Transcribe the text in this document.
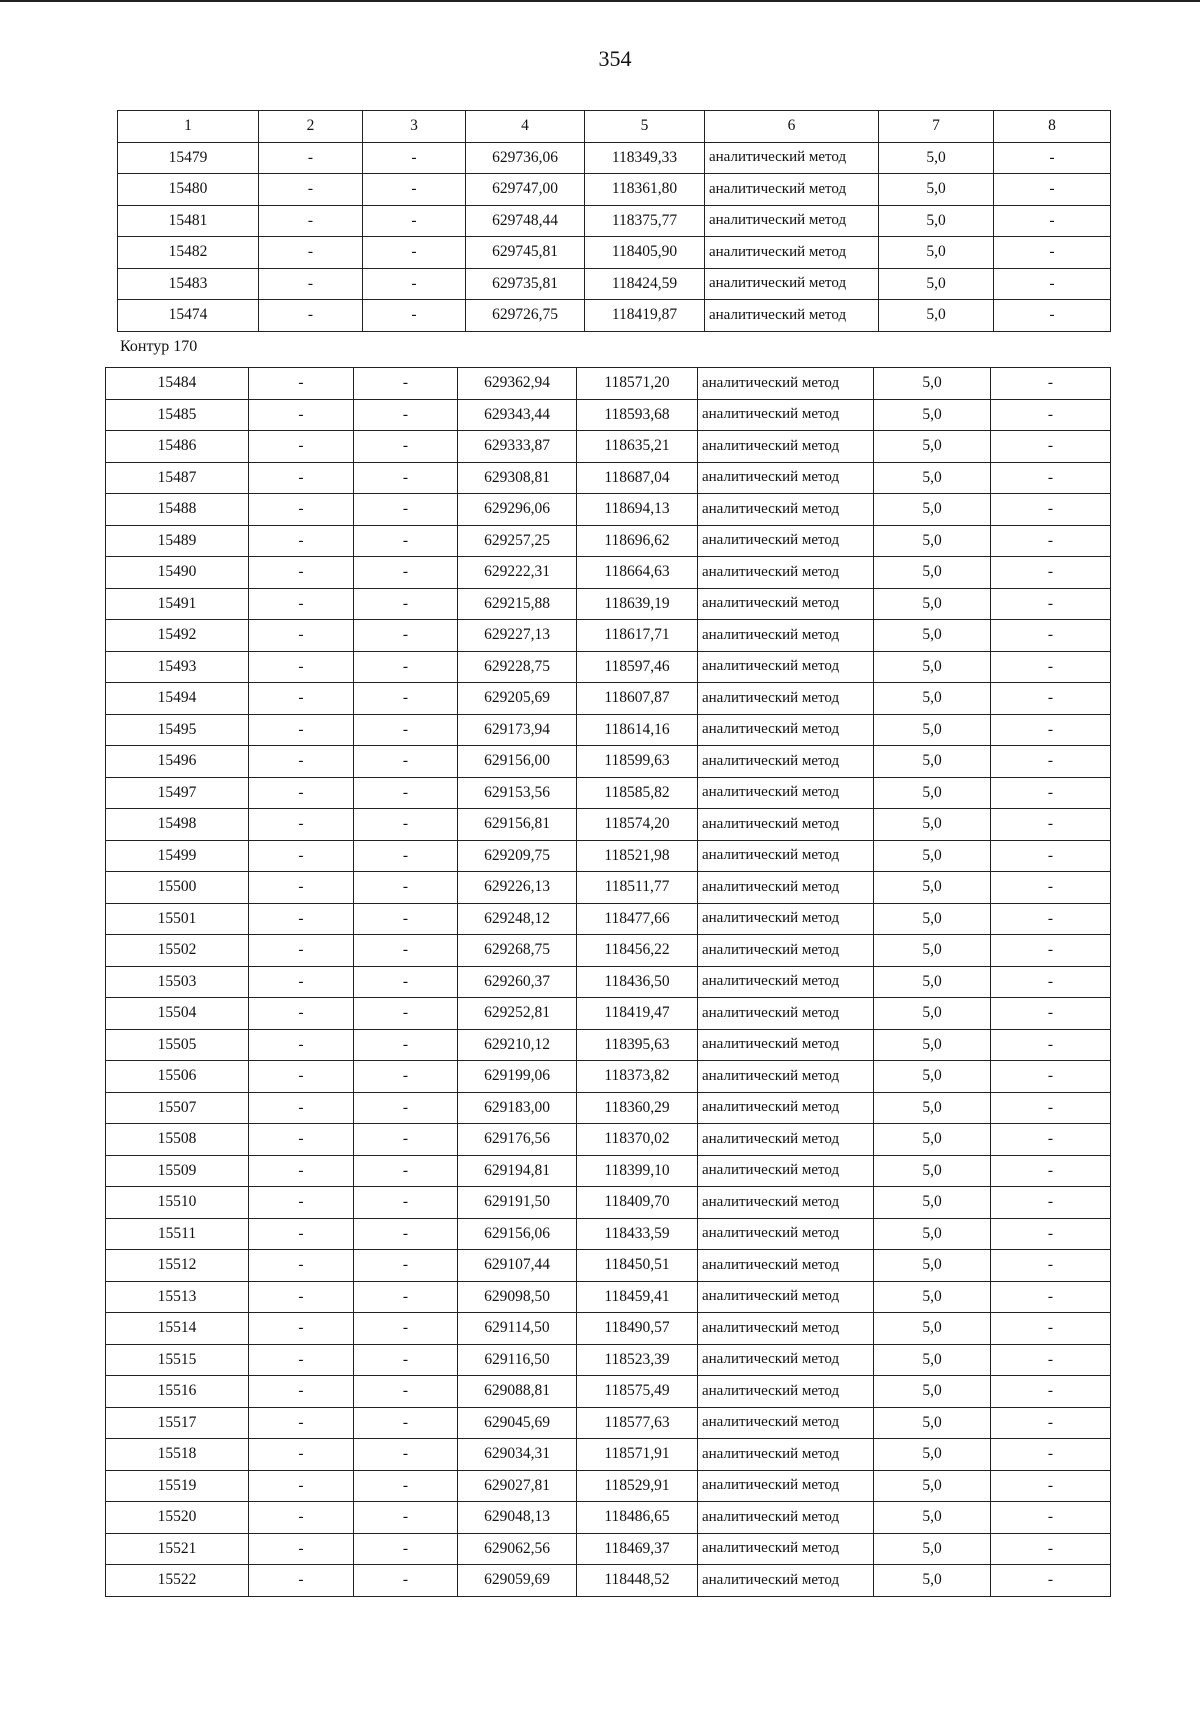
354
1	2	3	4	5	6	7	8
15479	-	-	629736,06	118349,33	аналитический метод	5,0	-
15480	-	-	629747,00	118361,80	аналитический метод	5,0	-
15481	-	-	629748,44	118375,77	аналитический метод	5,0	-
15482	-	-	629745,81	118405,90	аналитический метод	5,0	-
15483	-	-	629735,81	118424,59	аналитический метод	5,0	-
15474	-	-	629726,75	118419,87	аналитический метод	5,0	-
Контур 170
15484	-	-	629362,94	118571,20	аналитический метод	5,0	-
15485	-	-	629343,44	118593,68	аналитический метод	5,0	-
15486	-	-	629333,87	118635,21	аналитический метод	5,0	-
15487	-	-	629308,81	118687,04	аналитический метод	5,0	-
15488	-	-	629296,06	118694,13	аналитический метод	5,0	-
15489	-	-	629257,25	118696,62	аналитический метод	5,0	-
15490	-	-	629222,31	118664,63	аналитический метод	5,0	-
15491	-	-	629215,88	118639,19	аналитический метод	5,0	-
15492	-	-	629227,13	118617,71	аналитический метод	5,0	-
15493	-	-	629228,75	118597,46	аналитический метод	5,0	-
15494	-	-	629205,69	118607,87	аналитический метод	5,0	-
15495	-	-	629173,94	118614,16	аналитический метод	5,0	-
15496	-	-	629156,00	118599,63	аналитический метод	5,0	-
15497	-	-	629153,56	118585,82	аналитический метод	5,0	-
15498	-	-	629156,81	118574,20	аналитический метод	5,0	-
15499	-	-	629209,75	118521,98	аналитический метод	5,0	-
15500	-	-	629226,13	118511,77	аналитический метод	5,0	-
15501	-	-	629248,12	118477,66	аналитический метод	5,0	-
15502	-	-	629268,75	118456,22	аналитический метод	5,0	-
15503	-	-	629260,37	118436,50	аналитический метод	5,0	-
15504	-	-	629252,81	118419,47	аналитический метод	5,0	-
15505	-	-	629210,12	118395,63	аналитический метод	5,0	-
15506	-	-	629199,06	118373,82	аналитический метод	5,0	-
15507	-	-	629183,00	118360,29	аналитический метод	5,0	-
15508	-	-	629176,56	118370,02	аналитический метод	5,0	-
15509	-	-	629194,81	118399,10	аналитический метод	5,0	-
15510	-	-	629191,50	118409,70	аналитический метод	5,0	-
15511	-	-	629156,06	118433,59	аналитический метод	5,0	-
15512	-	-	629107,44	118450,51	аналитический метод	5,0	-
15513	-	-	629098,50	118459,41	аналитический метод	5,0	-
15514	-	-	629114,50	118490,57	аналитический метод	5,0	-
15515	-	-	629116,50	118523,39	аналитический метод	5,0	-
15516	-	-	629088,81	118575,49	аналитический метод	5,0	-
15517	-	-	629045,69	118577,63	аналитический метод	5,0	-
15518	-	-	629034,31	118571,91	аналитический метод	5,0	-
15519	-	-	629027,81	118529,91	аналитический метод	5,0	-
15520	-	-	629048,13	118486,65	аналитический метод	5,0	-
15521	-	-	629062,56	118469,37	аналитический метод	5,0	-
15522	-	-	629059,69	118448,52	аналитический метод	5,0	-
